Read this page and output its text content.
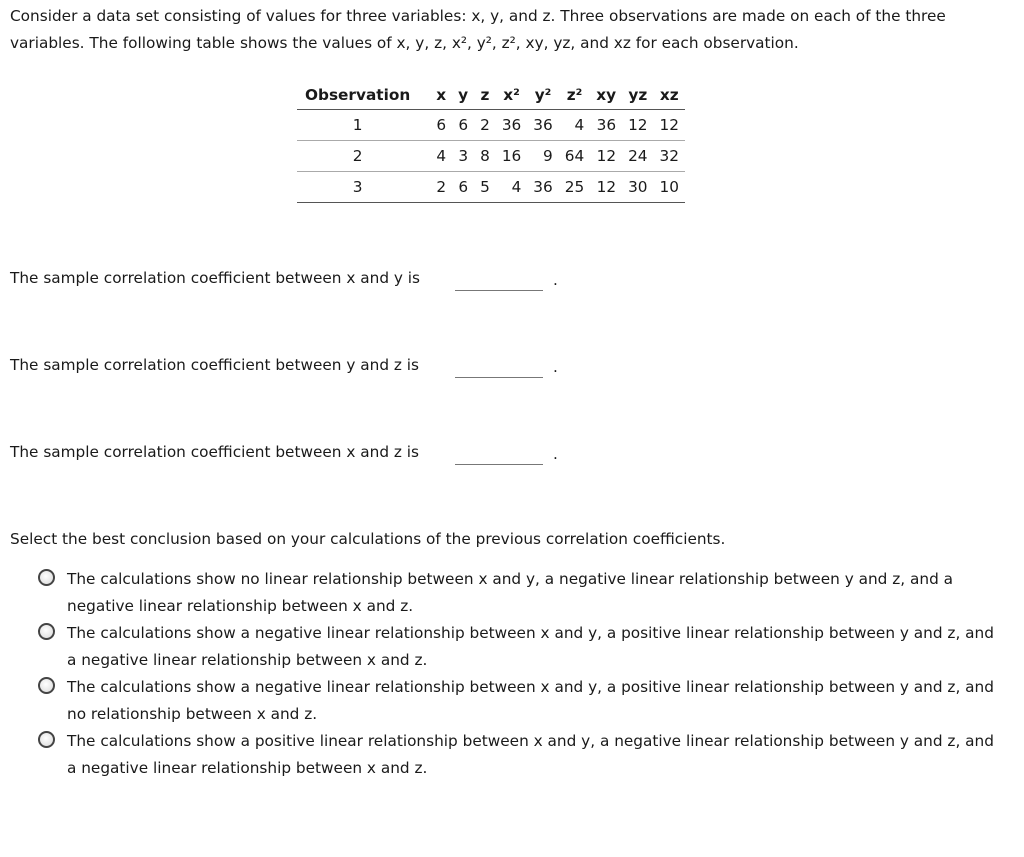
Consider a data set consisting of values for three variables: x, y, and z. Three observations are made on each of the three variables. The following table shows the values of x, y, z, x², y², z², xy, yz, and xz for each observation.

Observation	x	y	z	x²	y²	z²	xy	yz	xz
1	6	6	2	36	36	4	36	12	12
2	4	3	8	16	9	64	12	24	32
3	2	6	5	4	36	25	12	30	10
The sample correlation coefficient between x and y is	.
The sample correlation coefficient between y and z is	.
The sample correlation coefficient between x and z is	.

Select the best conclusion based on your calculations of the previous correlation coefficients.

The calculations show no linear relationship between x and y, a negative linear relationship between y and z, and a negative linear relationship between x and z.
The calculations show a negative linear relationship between x and y, a positive linear relationship between y and z, and a negative linear relationship between x and z.
The calculations show a negative linear relationship between x and y, a positive linear relationship between y and z, and no relationship between x and z.
The calculations show a positive linear relationship between x and y, a negative linear relationship between y and z, and a negative linear relationship between x and z.
